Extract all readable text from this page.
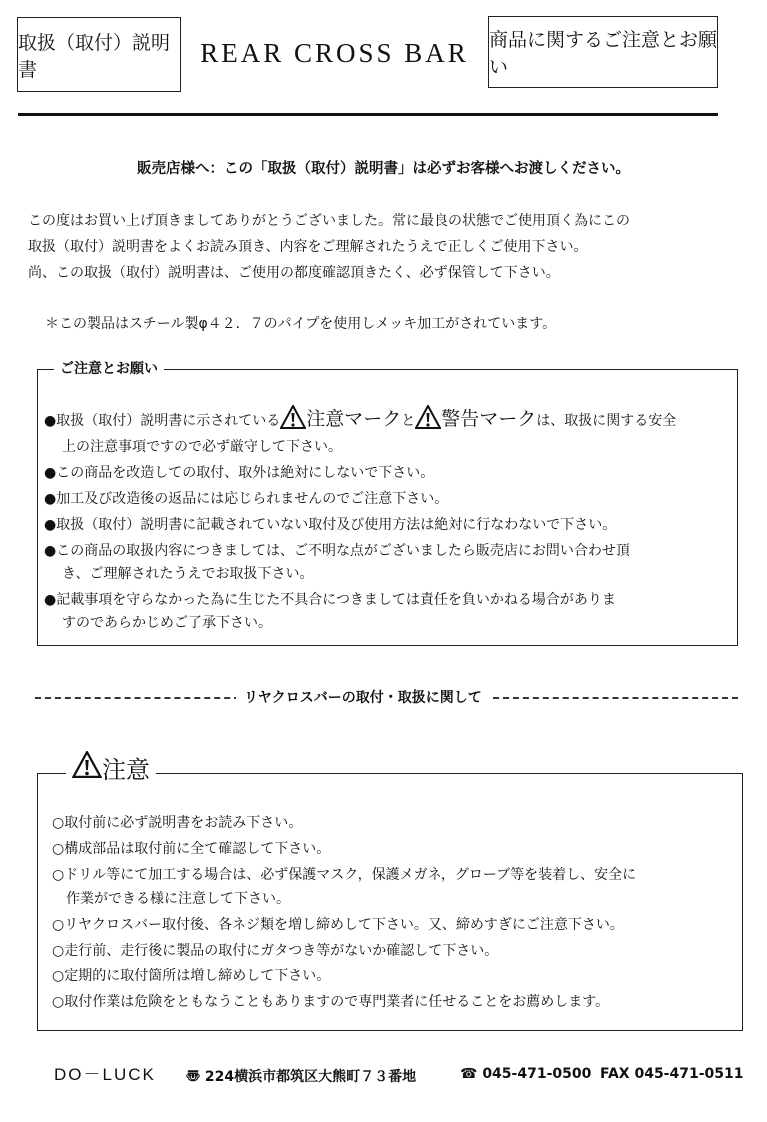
取扱（取付）説明書
REAR CROSS BAR	商品に関するご注意とお願い
販売店様へ：この「取扱（取付）説明書」は必ずお客様へお渡しください。
この度はお買い上げ頂きましてありがとうございました。常に最良の状態でご使用頂く為にこの
取扱（取付）説明書をよくお読み頂き、内容をご理解されたうえで正しくご使用下さい。
尚、この取扱（取付）説明書は、ご使用の都度確認頂きたく、必ず保管して下さい。
＊この製品はスチール製φ４２．７のパイプを使用しメッキ加工がされています。
ご注意とお願い
●取扱（取付）説明書に示されている 注意マークと 警告マークは、取扱に関する安全
上の注意事項ですので必ず厳守して下さい。
●この商品を改造しての取付、取外は絶対にしないで下さい。
●加工及び改造後の返品には応じられませんのでご注意下さい。
●取扱（取付）説明書に記載されていない取付及び使用方法は絶対に行なわないで下さい。
●この商品の取扱内容につきましては、ご不明な点がございましたら販売店にお問い合わせ頂
き、ご理解されたうえでお取扱下さい。
●記載事項を守らなかった為に生じた不具合につきましては責任を負いかねる場合がありま
すのであらかじめご了承下さい。
リヤクロスバーの取付・取扱に関して
注意
○取付前に必ず説明書をお読み下さい。
○構成部品は取付前に全て確認して下さい。
○ドリル等にて加工する場合は、必ず保護マスク，保護メガネ，グローブ等を装着し、安全に
作業ができる様に注意して下さい。
○リヤクロスバー取付後、各ネジ類を増し締めして下さい。又、締めすぎにご注意下さい。
○走行前、走行後に製品の取付にガタつき等がないか確認して下さい。
○定期的に取付箇所は増し締めして下さい。
○取付作業は危険をともなうこともありますので専門業者に任せることをお薦めします。
DO－LUCK 〠 224横浜市都筑区大熊町７３番地	☎ 045-471-0500 FAX 045-471-0511
